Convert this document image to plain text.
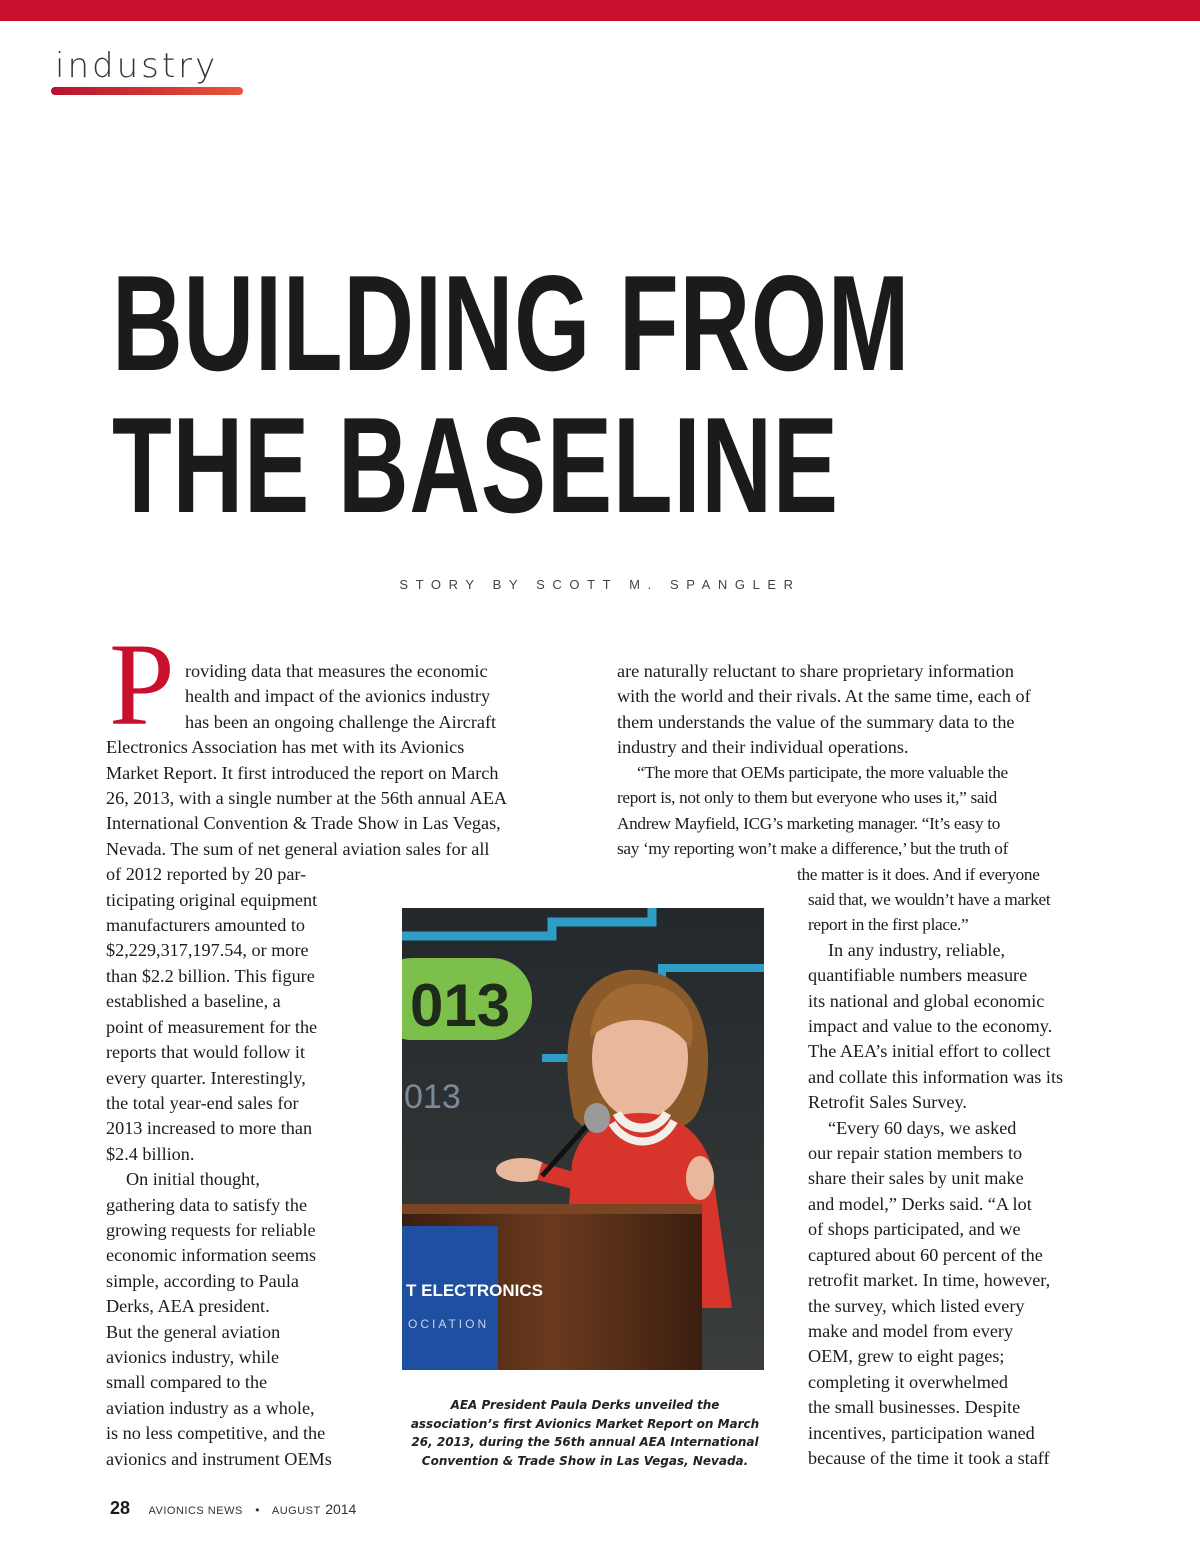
industry
BUILDING FROM
THE BASELINE
STORY BY SCOTT M. SPANGLER
P roviding data that measures the economic
health and impact of the avionics industry
has been an ongoing challenge the Aircraft
Electronics Association has met with its Avionics
Market Report. It first introduced the report on March
26, 2013, with a single number at the 56th annual AEA
International Convention & Trade Show in Las Vegas,
Nevada. The sum of net general aviation sales for all
of 2012 reported by 20 par-
ticipating original equipment
manufacturers amounted to
$2,229,317,197.54, or more
than $2.2 billion. This figure
established a baseline, a
point of measurement for the
reports that would follow it
every quarter. Interestingly,
the total year-end sales for
2013 increased to more than
$2.4 billion.
On initial thought,
gathering data to satisfy the
growing requests for reliable
economic information seems
simple, according to Paula
Derks, AEA president.
But the general aviation
avionics industry, while
small compared to the
aviation industry as a whole,
is no less competitive, and the
avionics and instrument OEMs
are naturally reluctant to share proprietary information
with the world and their rivals. At the same time, each of
them understands the value of the summary data to the
industry and their individual operations.
“The more that OEMs participate, the more valuable the
report is, not only to them but everyone who uses it,” said
Andrew Mayfield, ICG’s marketing manager. “It’s easy to
say ‘my reporting won’t make a difference,’ but the truth of
the matter is it does. And if everyone
said that, we wouldn’t have a market
report in the first place.”
In any industry, reliable,
quantifiable numbers measure
its national and global economic
impact and value to the economy.
The AEA’s initial effort to collect
and collate this information was its
Retrofit Sales Survey.
“Every 60 days, we asked
our repair station members to
share their sales by unit make
and model,” Derks said. “A lot
of shops participated, and we
captured about 60 percent of the
retrofit market. In time, however,
the survey, which listed every
make and model from every
OEM, grew to eight pages;
completing it overwhelmed
the small businesses. Despite
incentives, participation waned
because of the time it took a staff
013
013
T ELECTRONICS
OCIATION
AEA President Paula Derks unveiled the
association’s first Avionics Market Report on March
26, 2013, during the 56th annual AEA International
Convention & Trade Show in Las Vegas, Nevada.
28 AVIONICS NEWS • AUGUST 2014
